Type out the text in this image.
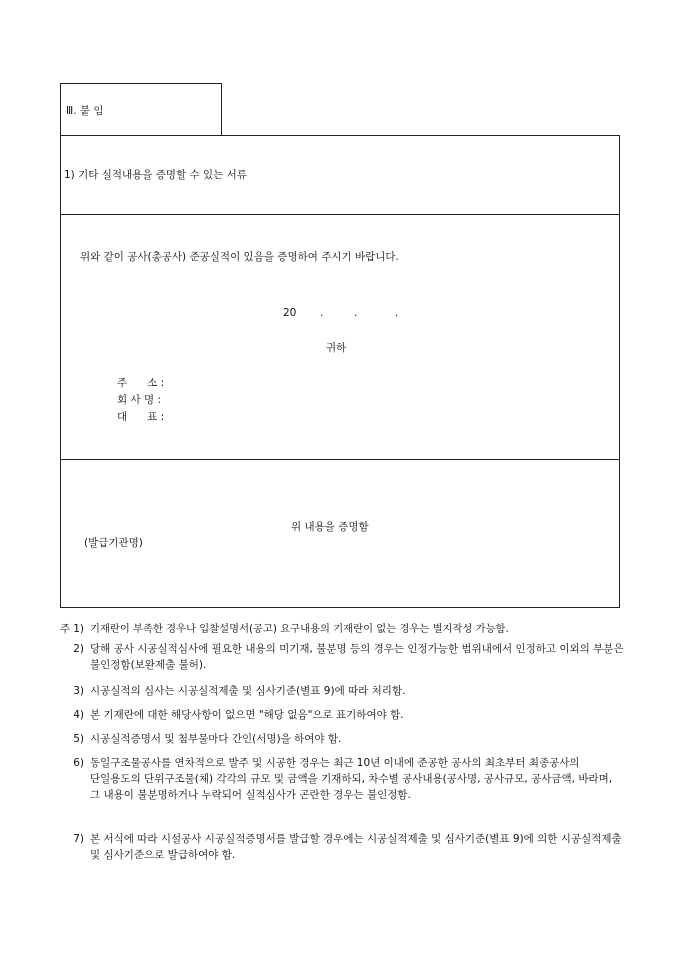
Ⅲ. 붙 임
1) 기타 실적내용을 증명할 수 있는 서류
위와 같이 공사(총공사) 준공실적이 있음을 증명하여 주시기 바랍니다.
20 .	.	.
귀하
주      소 :
회 사 명 :
대      표 :
위 내용을 증명함
(발급기관명)
주 1) 기재란이 부족한 경우나 입찰설명서(공고) 요구내용의 기재란이 없는 경우는 별지작성 가능함.
2) 당해 공사 시공실적심사에 필요한 내용의 미기재, 불분명 등의 경우는 인정가능한 범위내에서 인정하고 이외의 부분은 불인정함(보완제출 불허).
3) 시공실적의 심사는 시공실적제출 및 심사기준(별표 9)에 따라 처리함.
4) 본 기재란에 대한 해당사항이 없으면 "해당 없음"으로 표기하여야 함.
5) 시공실적증명서 및 첨부물마다 간인(서명)을 하여야 함.
6) 동일구조물공사를 연차적으로 발주 및 시공한 경우는 최근 10년 이내에 준공한 공사의 최초부터 최종공사의 단일용도의 단위구조물(체) 각각의 규모 및 금액을 기재하되, 차수별 공사내용(공사명, 공사규모, 공사금액, 바라며, 그 내용이 불분명하거나 누락되어 실적심사가 곤란한 경우는 불인정함.
7) 본 서식에 따라 시설공사 시공실적증명서를 발급할 경우에는 시공실적제출 및 심사기준(별표 9)에 의한 시공실적제출 및 심사기준으로 발급하여야 함.
